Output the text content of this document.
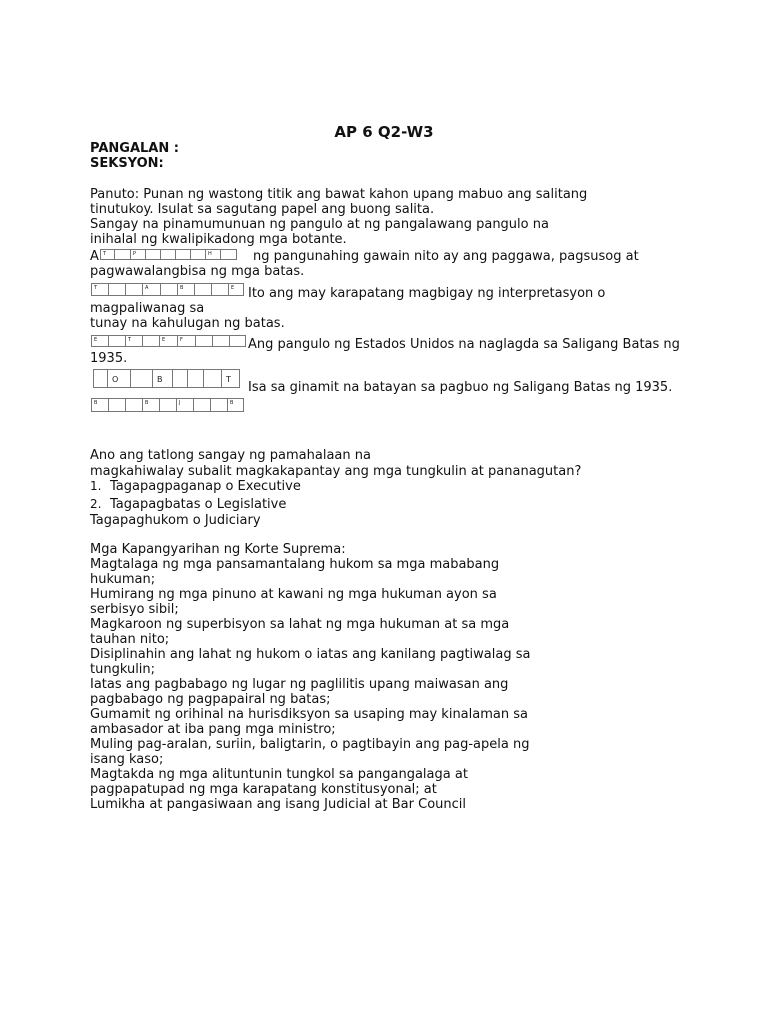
AP 6 Q2-W3
PANGALAN :
SEKSYON:
Panuto: Punan ng wastong titik ang bawat kahon upang mabuo ang salitang
tinutukoy. Isulat sa sagutang papel ang buong salita.
Sangay na pinamumunuan ng pangulo at ng pangalawang pangulo na
inihalal ng kwalipikadong mga botante.
A T	P	H	ng pangunahing gawain nito ay ang paggawa, pagsusog at
pagwawalangbisa ng mga batas.
T	A	B	E	Ito ang may karapatang magbigay ng interpretasyon o
magpaliwanag sa
tunay na kahulugan ng batas.
E	T	E	F	Ang pangulo ng Estados Unidos na naglagda sa Saligang Batas ng
1935.
O	B	T
Isa sa ginamit na batayan sa pagbuo ng Saligang Batas ng 1935.
B	B	J	B
Ano ang tatlong sangay ng pamahalaan na
magkahiwalay subalit magkakapantay ang mga tungkulin at pananagutan?
1. Tagapagpaganap o Executive
2. Tagapagbatas o Legislative
Tagapaghukom o Judiciary
Mga Kapangyarihan ng Korte Suprema:
Magtalaga ng mga pansamantalang hukom sa mga mababang
hukuman;
Humirang ng mga pinuno at kawani ng mga hukuman ayon sa
serbisyo sibil;
Magkaroon ng superbisyon sa lahat ng mga hukuman at sa mga
tauhan nito;
Disiplinahin ang lahat ng hukom o iatas ang kanilang pagtiwalag sa
tungkulin;
Iatas ang pagbabago ng lugar ng paglilitis upang maiwasan ang
pagbabago ng pagpapairal ng batas;
Gumamit ng orihinal na hurisdiksyon sa usaping may kinalaman sa
ambasador at iba pang mga ministro;
Muling pag-aralan, suriin, baligtarin, o pagtibayin ang pag-apela ng
isang kaso;
Magtakda ng mga alituntunin tungkol sa pangangalaga at
pagpapatupad ng mga karapatang konstitusyonal; at
Lumikha at pangasiwaan ang isang Judicial at Bar Council
